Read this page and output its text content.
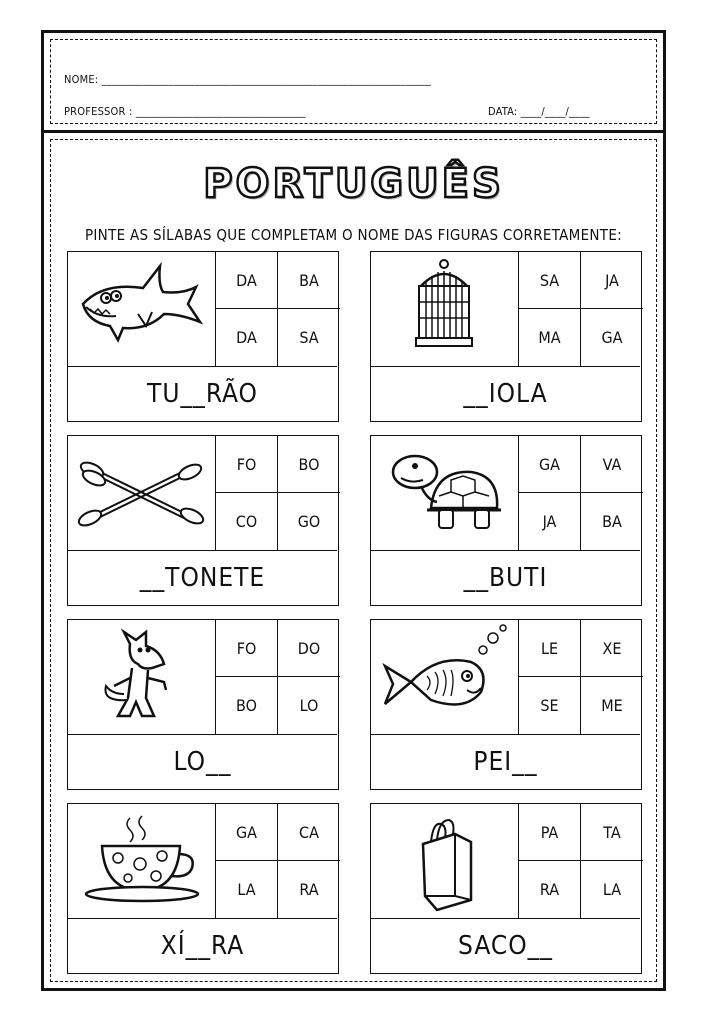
NOME: ________________________________________________________________
PROFESSOR : _________________________________	DATA: ____/____/____
PORTUGUÊS
PINTE AS SÍLABAS QUE COMPLETAM O NOME DAS FIGURAS CORRETAMENTE:
DA	BA
DA	SA
TU__RÃO
SA	JA
MA	GA
__IOLA
FO	BO
CO	GO
__TONETE
GA	VA
JA	BA
__BUTI
FO	DO
BO	LO
LO__
LE	XE
SE	ME
PEI__
GA	CA
LA	RA
XÍ__RA
PA	TA
RA	LA
SACO__
